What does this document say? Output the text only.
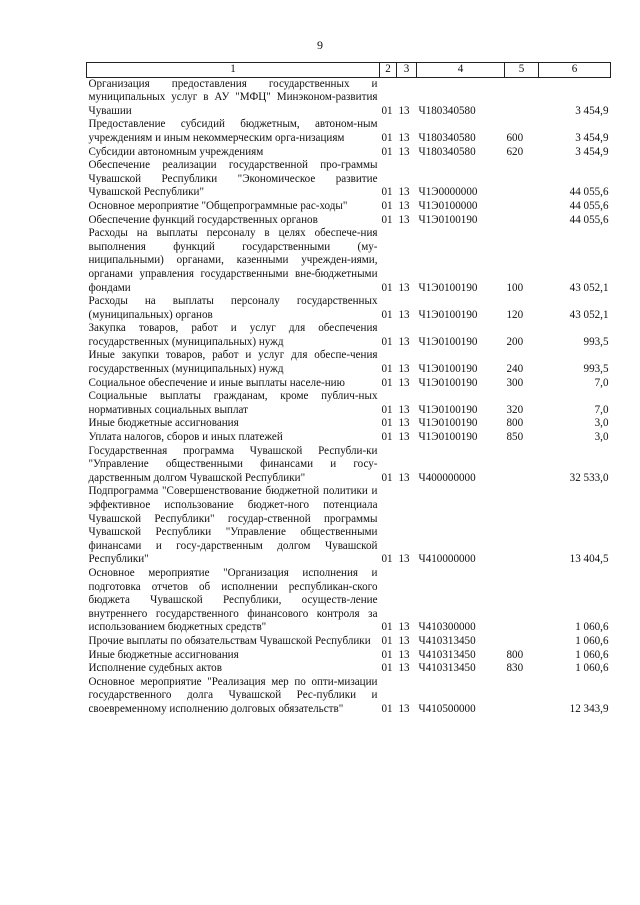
9
1	2	3	4	5	6
Организация предоставления государственных и муниципальных услуг в АУ "МФЦ" Минэконом-развития Чувашии	01	13	Ч180340580		3 454,9
Предоставление субсидий бюджетным, автоном-ным учреждениям и иным некоммерческим орга-низациям	01	13	Ч180340580	600	3 454,9
Субсидии автономным учреждениям	01	13	Ч180340580	620	3 454,9
Обеспечение реализации государственной про-граммы Чувашской Республики "Экономическое развитие Чувашской Республики"	01	13	Ч1Э0000000		44 055,6
Основное мероприятие "Общепрограммные рас-ходы"	01	13	Ч1Э0100000		44 055,6
Обеспечение функций государственных органов	01	13	Ч1Э0100190		44 055,6
Расходы на выплаты персоналу в целях обеспече-ния выполнения функций государственными (му-ниципальными) органами, казенными учрежден-иями, органами управления государственными вне-бюджетными фондами	01	13	Ч1Э0100190	100	43 052,1
Расходы на выплаты персоналу государственных (муниципальных) органов	01	13	Ч1Э0100190	120	43 052,1
Закупка товаров, работ и услуг для обеспечения государственных (муниципальных) нужд	01	13	Ч1Э0100190	200	993,5
Иные закупки товаров, работ и услуг для обеспе-чения государственных (муниципальных) нужд	01	13	Ч1Э0100190	240	993,5
Социальное обеспечение и иные выплаты населе-нию	01	13	Ч1Э0100190	300	7,0
Социальные выплаты гражданам, кроме публич-ных нормативных социальных выплат	01	13	Ч1Э0100190	320	7,0
Иные бюджетные ассигнования	01	13	Ч1Э0100190	800	3,0
Уплата налогов, сборов и иных платежей	01	13	Ч1Э0100190	850	3,0
Государственная программа Чувашской Республи-ки "Управление общественными финансами и госу-дарственным долгом Чувашской Республики"	01	13	Ч400000000		32 533,0
Подпрограмма "Совершенствование бюджетной политики и эффективное использование бюджет-ного потенциала Чувашской Республики" государ-ственной программы Чувашской Республики "Управление общественными финансами и госу-дарственным долгом Чувашской Республики"	01	13	Ч410000000		13 404,5
Основное мероприятие "Организация исполнения и подготовка отчетов об исполнении республикан-ского бюджета Чувашской Республики, осуществ-ление внутреннего государственного финансового контроля за использованием бюджетных средств"	01	13	Ч410300000		1 060,6
Прочие выплаты по обязательствам Чувашской Республики	01	13	Ч410313450		1 060,6
Иные бюджетные ассигнования	01	13	Ч410313450	800	1 060,6
Исполнение судебных актов	01	13	Ч410313450	830	1 060,6
Основное мероприятие "Реализация мер по опти-мизации государственного долга Чувашской Рес-публики и своевременному исполнению долговых обязательств"	01	13	Ч410500000		12 343,9
